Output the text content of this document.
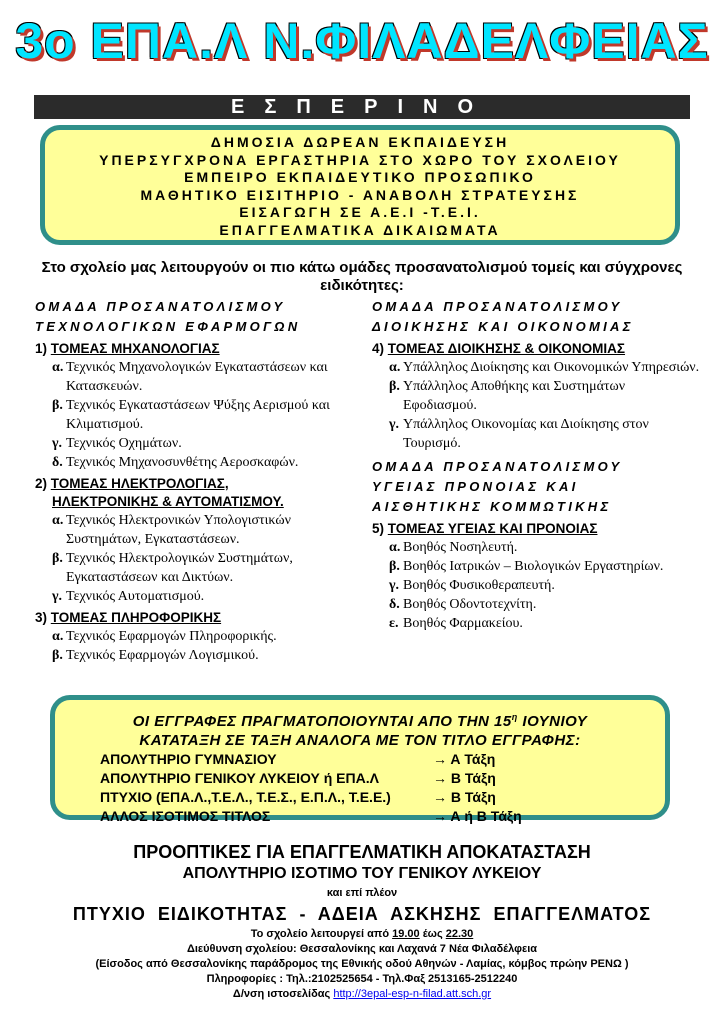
3ο ΕΠΑ.Λ Ν.ΦΙΛΑΔΕΛΦΕΙΑΣ
ΕΣΠΕΡΙΝΟ
ΔΗΜΟΣΙΑ ΔΩΡΕΑΝ ΕΚΠΑΙΔΕΥΣΗ
ΥΠΕΡΣΥΓΧΡΟΝΑ ΕΡΓΑΣΤΗΡΙΑ ΣΤΟ ΧΩΡΟ ΤΟΥ ΣΧΟΛΕΙΟΥ
ΕΜΠΕΙΡΟ ΕΚΠΑΙΔΕΥΤΙΚΟ ΠΡΟΣΩΠΙΚΟ
ΜΑΘΗΤΙΚΟ ΕΙΣΙΤΗΡΙΟ - ΑΝΑΒΟΛΗ ΣΤΡΑΤΕΥΣΗΣ
ΕΙΣΑΓΩΓΗ ΣΕ Α.Ε.Ι -Τ.Ε.Ι.
ΕΠΑΓΓΕΛΜΑΤΙΚΑ ΔΙΚΑΙΩΜΑΤΑ
Στο σχολείο μας λειτουργούν οι πιο κάτω ομάδες προσανατολισμού τομείς και σύγχρονες ειδικότητες:
ΟΜΑΔΑ ΠΡΟΣΑΝΑΤΟΛΙΣΜΟΥ
ΤΕΧΝΟΛΟΓΙΚΩΝ ΕΦΑΡΜΟΓΩΝ
1) ΤΟΜΕΑΣ ΜΗΧΑΝΟΛΟΓΙΑΣ
α. Τεχνικός Μηχανολογικών Εγκαταστάσεων και Κατασκευών.
β. Τεχνικός Εγκαταστάσεων Ψύξης Αερισμού και Κλιματισμού.
γ. Τεχνικός Οχημάτων.
δ. Τεχνικός Μηχανοσυνθέτης Αεροσκαφών.
2) ΤΟΜΕΑΣ ΗΛΕΚΤΡΟΛΟΓΙΑΣ,
ΗΛΕΚΤΡΟΝΙΚΗΣ & ΑΥΤΟΜΑΤΙΣΜΟΥ.
α. Τεχνικός Ηλεκτρονικών Υπολογιστικών Συστημάτων, Εγκαταστάσεων.
β. Τεχνικός Ηλεκτρολογικών Συστημάτων, Εγκαταστάσεων και Δικτύων.
γ. Τεχνικός Αυτοματισμού.
3) ΤΟΜΕΑΣ ΠΛΗΡΟΦΟΡΙΚΗΣ
α. Τεχνικός Εφαρμογών Πληροφορικής.
β. Τεχνικός Εφαρμογών Λογισμικού.
ΟΜΑΔΑ ΠΡΟΣΑΝΑΤΟΛΙΣΜΟΥ
ΔΙΟΙΚΗΣΗΣ ΚΑΙ ΟΙΚΟΝΟΜΙΑΣ
4) ΤΟΜΕΑΣ ΔΙΟΙΚΗΣΗΣ & ΟΙΚΟΝΟΜΙΑΣ
α. Υπάλληλος Διοίκησης και Οικονομικών Υπηρεσιών.
β. Υπάλληλος Αποθήκης και Συστημάτων Εφοδιασμού.
γ. Υπάλληλος Οικονομίας και Διοίκησης στον Τουρισμό.
ΟΜΑΔΑ ΠΡΟΣΑΝΑΤΟΛΙΣΜΟΥ
ΥΓΕΙΑΣ ΠΡΟΝΟΙΑΣ ΚΑΙ
ΑΙΣΘΗΤΙΚΗΣ ΚΟΜΜΩΤΙΚΗΣ
5) ΤΟΜΕΑΣ ΥΓΕΙΑΣ ΚΑΙ ΠΡΟΝΟΙΑΣ
α. Βοηθός Νοσηλευτή.
β. Βοηθός Ιατρικών – Βιολογικών Εργαστηρίων.
γ. Βοηθός Φυσικοθεραπευτή.
δ. Βοηθός Οδοντοτεχνίτη.
ε. Βοηθός Φαρμακείου.
ΟΙ ΕΓΓΡΑΦΕΣ ΠΡΑΓΜΑΤΟΠΟΙΟΥΝΤΑΙ ΑΠΟ ΤΗΝ $15^\eta$ ΙΟΥΝΙΟΥ
ΚΑΤΑΤΑΞΗ ΣΕ ΤΑΞΗ ΑΝΑΛΟΓΑ ΜΕ ΤΟΝ ΤΙΤΛΟ ΕΓΓΡΑΦΗΣ:
ΑΠΟΛΥΤΗΡΙΟ ΓΥΜΝΑΣΙΟΥ	→ Α Τάξη
ΑΠΟΛΥΤΗΡΙΟ ΓΕΝΙΚΟΥ ΛΥΚΕΙΟΥ ή ΕΠΑ.Λ	→ Β Τάξη
ΠΤΥΧΙΟ (ΕΠΑ.Λ.,Τ.Ε.Λ., Τ.Ε.Σ., Ε.Π.Λ., Τ.Ε.Ε.)	→ Β Τάξη
ΑΛΛΟΣ ΙΣΟΤΙΜΟΣ ΤΙΤΛΟΣ	→ Α ή Β Τάξη
ΠΡΟΟΠΤΙΚΕΣ ΓΙΑ ΕΠΑΓΓΕΛΜΑΤΙΚΗ ΑΠΟΚΑΤΑΣΤΑΣΗ
ΑΠΟΛΥΤΗΡΙΟ ΙΣΟΤΙΜΟ ΤΟΥ ΓΕΝΙΚΟΥ ΛΥΚΕΙΟΥ
και επί πλέον
ΠΤΥΧΙΟ ΕΙΔΙΚΟΤΗΤΑΣ - ΑΔΕΙΑ ΑΣΚΗΣΗΣ ΕΠΑΓΓΕΛΜΑΤΟΣ
Το σχολείο λειτουργεί από 19.00 έως 22.30
Διεύθυνση σχολείου: Θεσσαλονίκης και Λαχανά 7 Νέα Φιλαδέλφεια
(Είσοδος από Θεσσαλονίκης παράδρομος της Εθνικής οδού Αθηνών - Λαμίας, κόμβος πρώην ΡΕΝΩ )
Πληροφορίες : Τηλ.:2102525654 - Τηλ.Φαξ 2513165-2512240
Δ/νση ιστοσελίδας http://3epal-esp-n-filad.att.sch.gr
